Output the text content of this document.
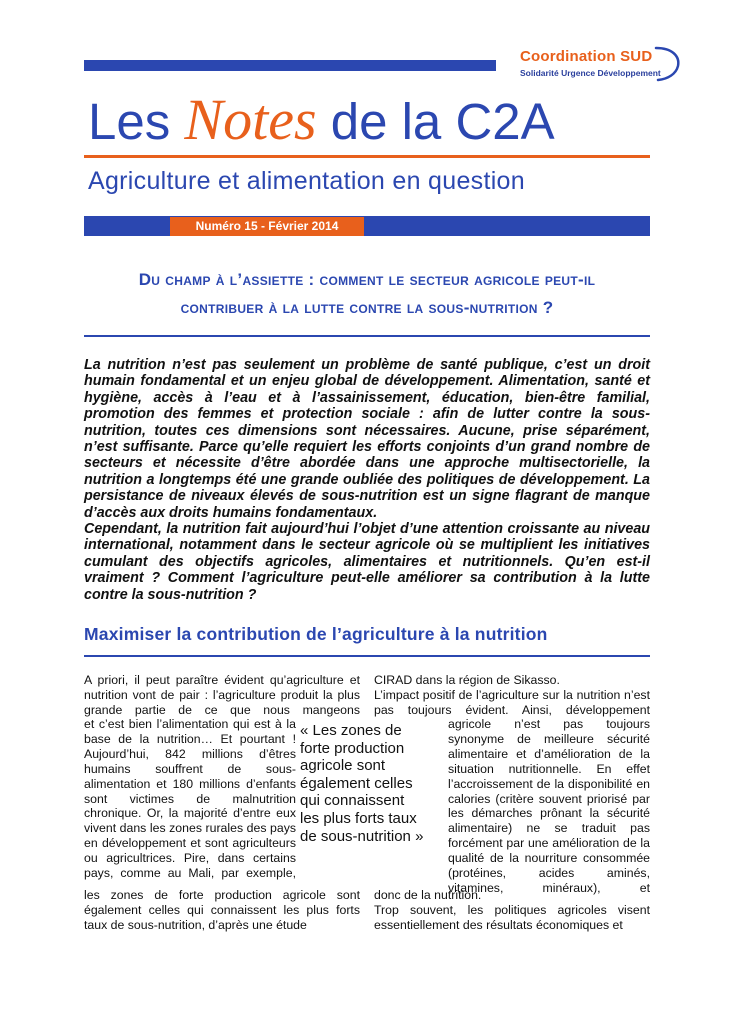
Coordination SUD
Solidarité Urgence Développement
Les Notes de la C2A
Agriculture et alimentation en question
Numéro 15 - Février 2014
Du champ à l’assiette : comment le secteur agricole peut-il
contribuer à la lutte contre la sous-nutrition ?

La nutrition n’est pas seulement un problème de santé publique, c’est un droit humain fondamental et un enjeu global de développement. Alimentation, santé et hygiène, accès à l’eau et à l’assainissement, éducation, bien-être familial, promotion des femmes et protection sociale : afin de lutter contre la sous-nutrition, toutes ces dimensions sont nécessaires. Aucune, prise séparément, n’est suffisante. Parce qu’elle requiert les efforts conjoints d’un grand nombre de secteurs et nécessite d’être abordée dans une approche multisectorielle, la nutrition a longtemps été une grande oubliée des politiques de développement. La persistance de niveaux élevés de sous-nutrition est un signe flagrant de manque d’accès aux droits humains fondamentaux.

Cependant, la nutrition fait aujourd’hui l’objet d’une attention croissante au niveau international, notamment dans le secteur agricole où se multiplient les initiatives cumulant des objectifs agricoles, alimentaires et nutritionnels. Qu’en est-il vraiment ? Comment l’agriculture peut-elle améliorer sa contribution à la lutte contre la sous-nutrition ?

Maximiser la contribution de l’agriculture à la nutrition

A priori, il peut paraître évident qu’agriculture et nutrition vont de pair : l’agriculture produit la plus grande partie de ce que nous mangeons

et c’est bien l’alimentation qui est à la base de la nutrition… Et pourtant ! Aujourd’hui, 842 millions d’êtres humains souffrent de sous-alimentation et 180 millions d’enfants sont victimes de malnutrition chronique. Or, la majorité d’entre eux vivent dans les zones rurales des pays en développement et sont agriculteurs ou agricultrices. Pire, dans certains pays, comme au Mali, par exemple,

les zones de forte production agricole sont également celles qui connaissent les plus forts taux de sous-nutrition, d’après une étude

« Les zones de forte production agricole sont également celles qui connaissent les plus forts taux de sous-nutrition »

CIRAD dans la région de Sikasso.

L’impact positif de l’agriculture sur la nutrition n’est pas toujours évident. Ainsi, développement

agricole n’est pas toujours synonyme de meilleure sécurité alimentaire et d’amélioration de la situation nutritionnelle. En effet l’accroissement de la disponibilité en calories (critère souvent priorisé par les démarches prônant la sécurité alimentaire) ne se traduit pas forcément par une amélioration de la qualité de la nourriture consommée (protéines, acides aminés, vitamines, minéraux), et

donc de la nutrition.

Trop souvent, les politiques agricoles visent essentiellement des résultats économiques et
